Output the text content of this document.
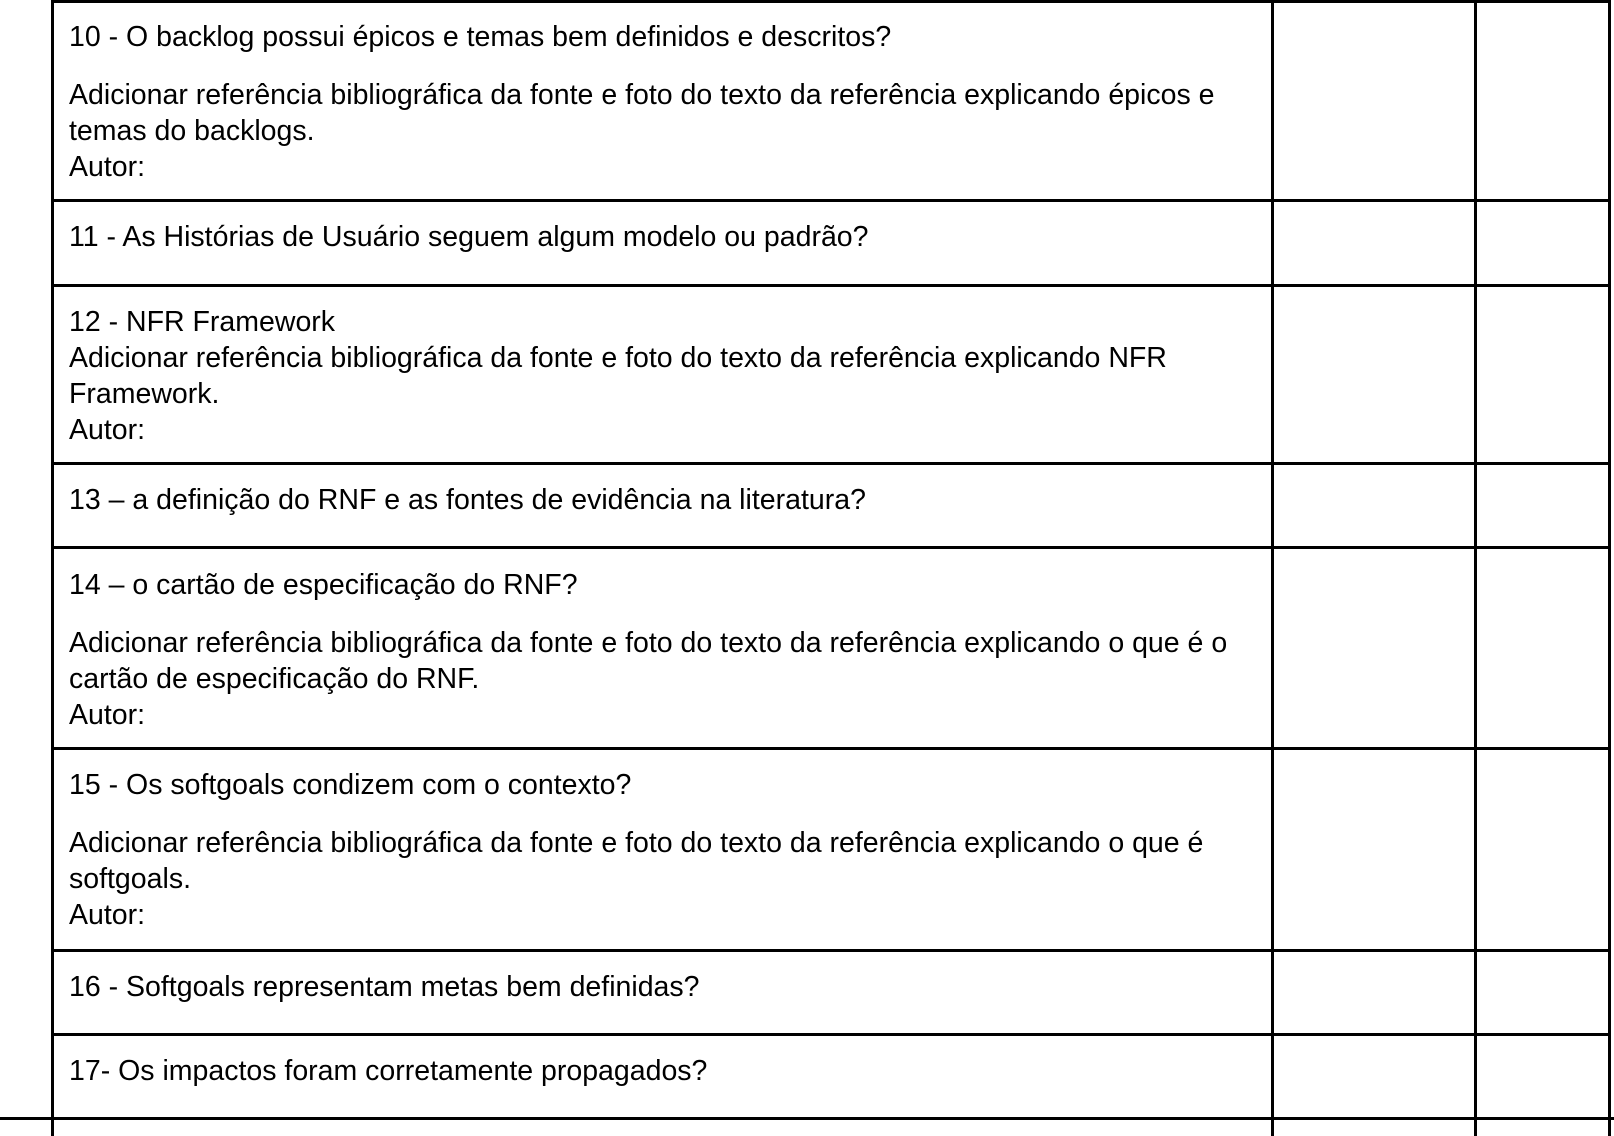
10 - O backlog possui épicos e temas bem definidos e descritos?
Adicionar referência bibliográfica da fonte e foto do texto da referência explicando épicos e temas do backlogs.
Autor:
11 - As Histórias de Usuário seguem algum modelo ou padrão?
12 - NFR Framework
Adicionar referência bibliográfica da fonte e foto do texto da referência explicando NFR Framework.
Autor:
13 – a definição do RNF e as fontes de evidência na literatura?
14 – o cartão de especificação do RNF?
Adicionar referência bibliográfica da fonte e foto do texto da referência explicando o que é o cartão de especificação do RNF.
Autor:
15 - Os softgoals condizem com o contexto?
Adicionar referência bibliográfica da fonte e foto do texto da referência explicando o que é softgoals.
Autor:
16 - Softgoals representam metas bem definidas?
17- Os impactos foram corretamente propagados?
